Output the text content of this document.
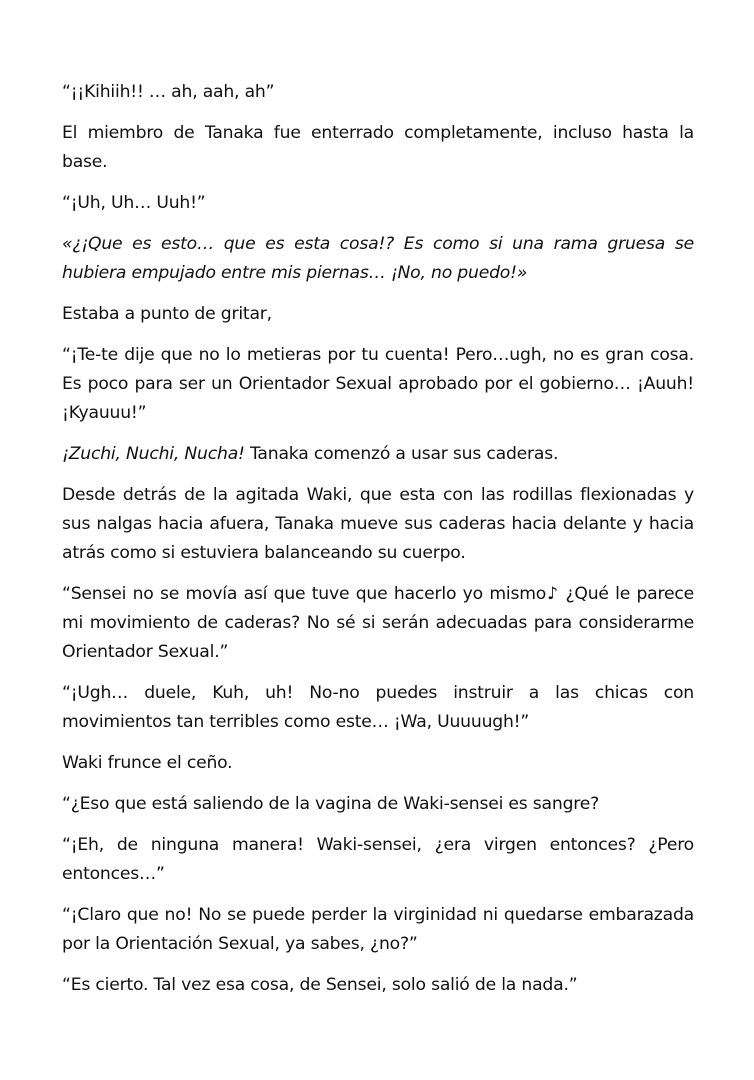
“¡¡Kihiih!! … ah, aah, ah”

El miembro de Tanaka fue enterrado completamente, incluso hasta la base.

“¡Uh, Uh… Uuh!”

«¿¡Que es esto… que es esta cosa!? Es como si una rama gruesa se hubiera empujado entre mis piernas… ¡No, no puedo!»

Estaba a punto de gritar,

“¡Te-te dije que no lo metieras por tu cuenta! Pero…ugh, no es gran cosa. Es poco para ser un Orientador Sexual aprobado por el gobierno… ¡Auuh! ¡Kyauuu!”

¡Zuchi, Nuchi, Nucha! Tanaka comenzó a usar sus caderas.

Desde detrás de la agitada Waki, que esta con las rodillas flexionadas y sus nalgas hacia afuera, Tanaka mueve sus caderas hacia delante y hacia atrás como si estuviera balanceando su cuerpo.

“Sensei no se movía así que tuve que hacerlo yo mismo♪ ¿Qué le parece mi movimiento de caderas? No sé si serán adecuadas para considerarme Orientador Sexual.”

“¡Ugh… duele, Kuh, uh! No-no puedes instruir a las chicas con movimientos tan terribles como este… ¡Wa, Uuuuugh!”

Waki frunce el ceño.

“¿Eso que está saliendo de la vagina de Waki-sensei es sangre?

“¡Eh, de ninguna manera! Waki-sensei, ¿era virgen entonces? ¿Pero entonces…”

“¡Claro que no! No se puede perder la virginidad ni quedarse embarazada por la Orientación Sexual, ya sabes, ¿no?”

“Es cierto. Tal vez esa cosa, de Sensei, solo salió de la nada.”
